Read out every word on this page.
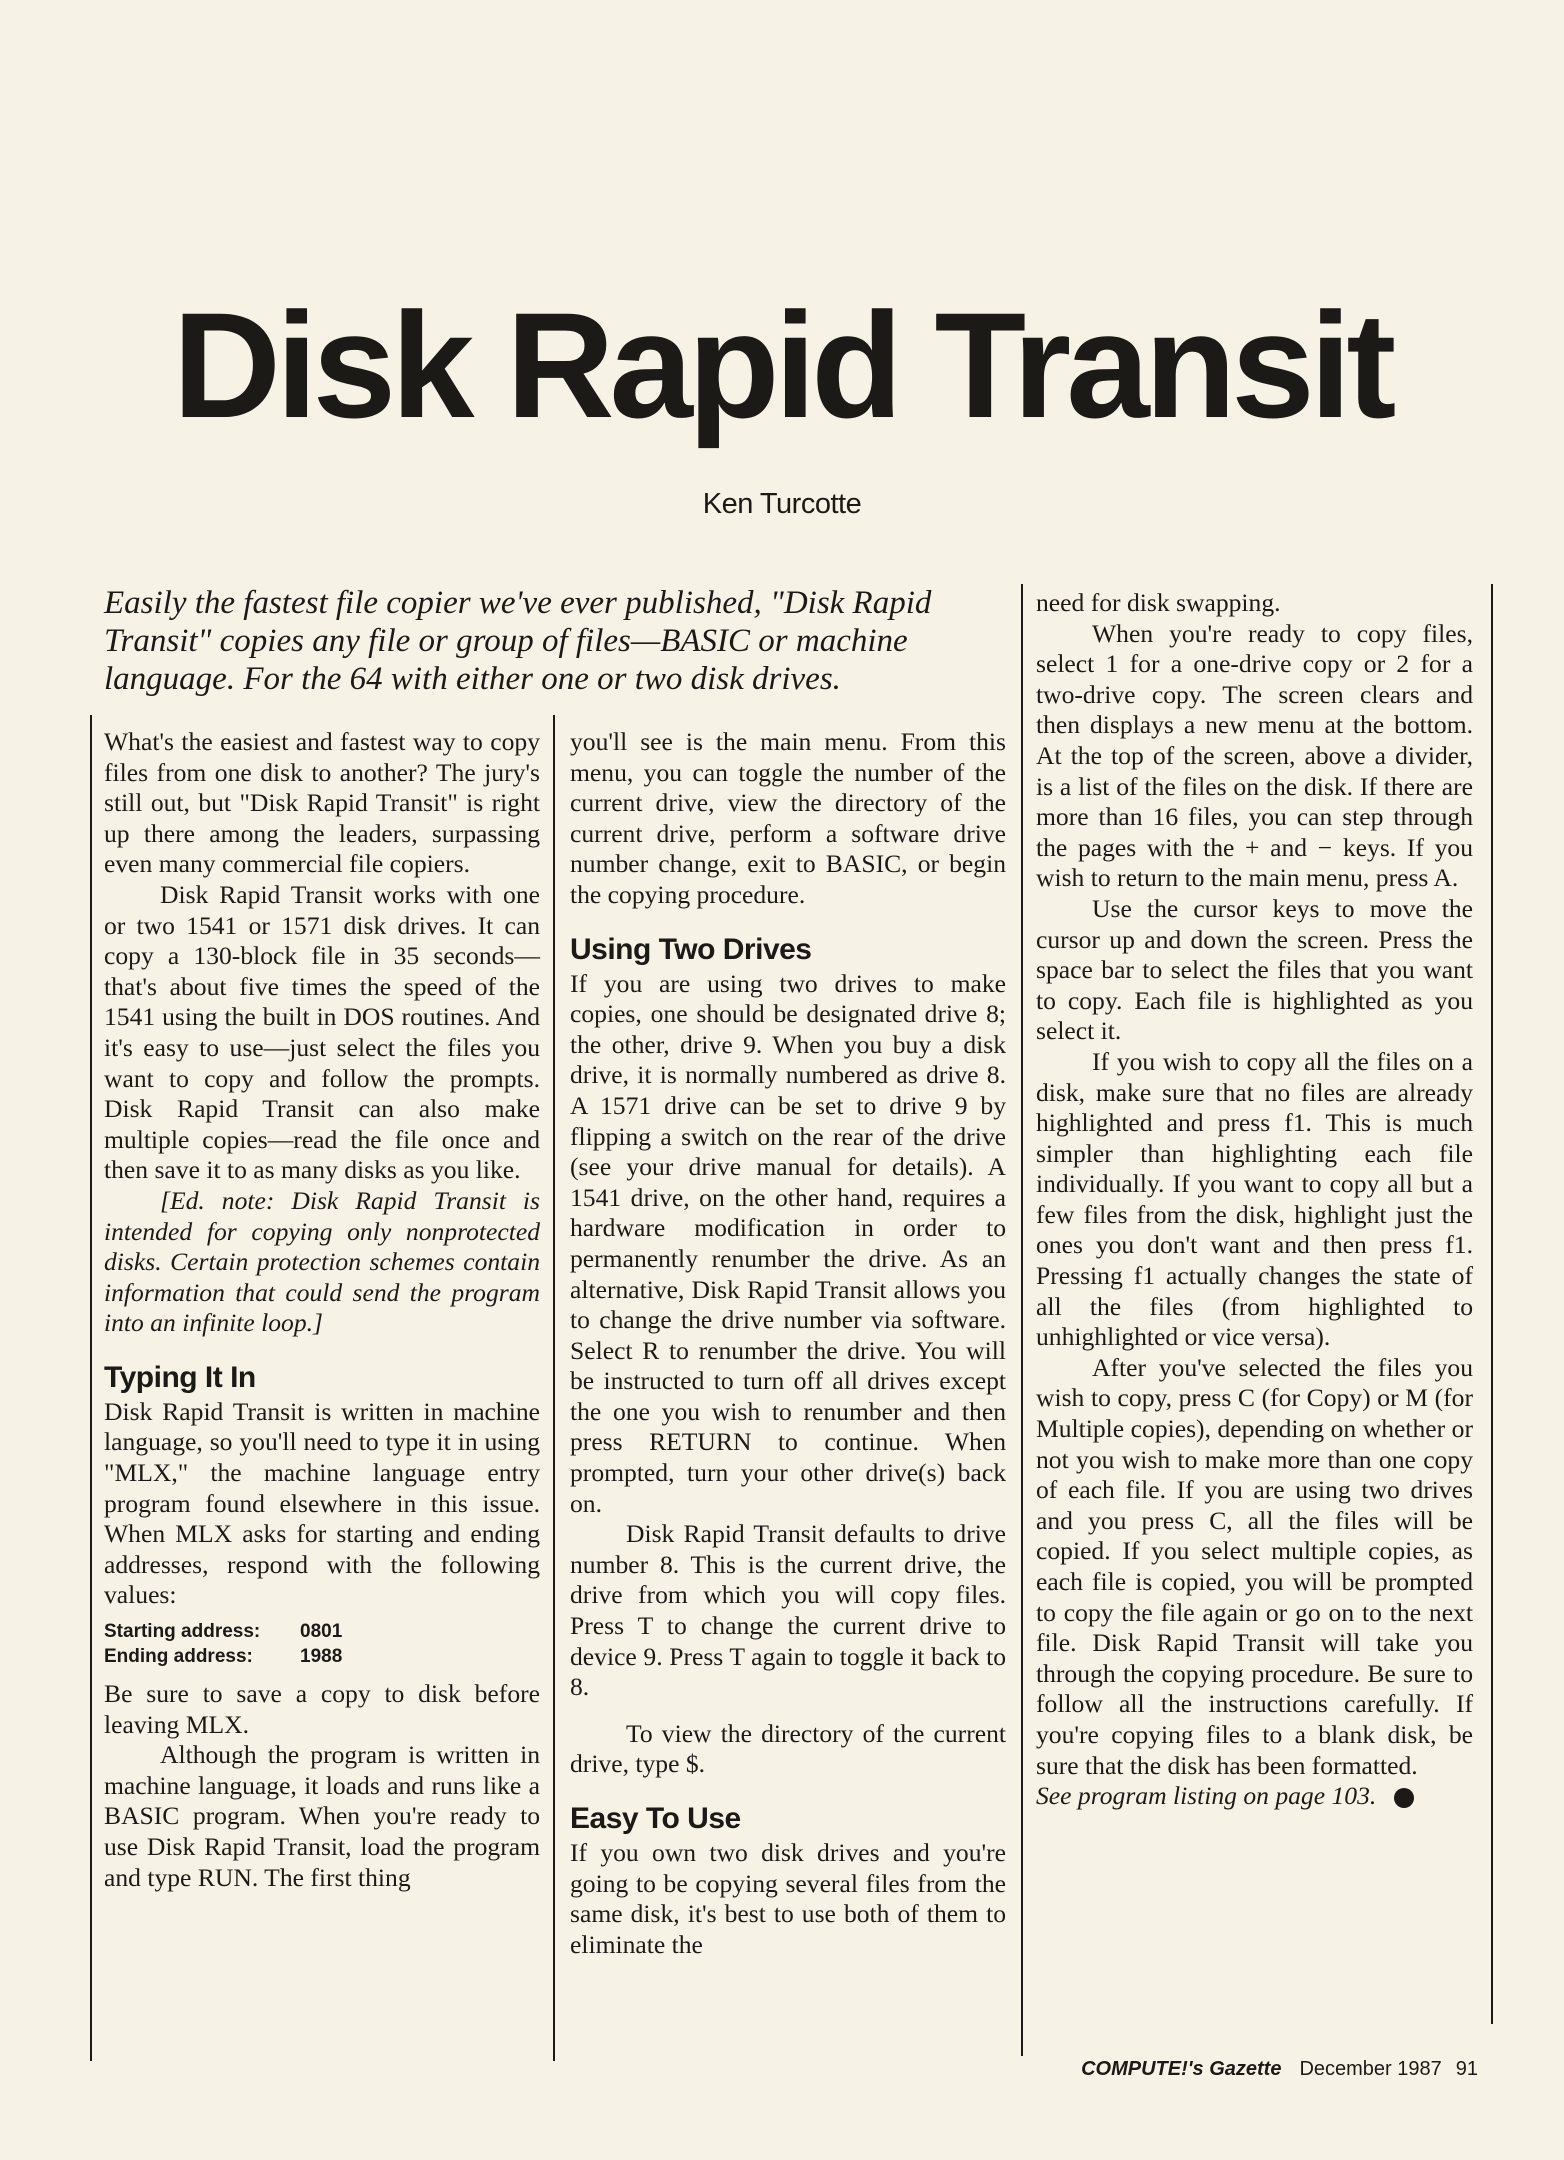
Disk Rapid Transit
Ken Turcotte

Easily the fastest file copier we've ever published, "Disk Rapid Transit" copies any file or group of files—BASIC or machine language. For the 64 with either one or two disk drives.

What's the easiest and fastest way to copy files from one disk to another? The jury's still out, but "Disk Rapid Transit" is right up there among the leaders, surpassing even many commercial file copiers.

Disk Rapid Transit works with one or two 1541 or 1571 disk drives. It can copy a 130-block file in 35 seconds—that's about five times the speed of the 1541 using the built in DOS routines. And it's easy to use—just select the files you want to copy and follow the prompts. Disk Rapid Transit can also make multiple copies—read the file once and then save it to as many disks as you like.

[Ed. note: Disk Rapid Transit is intended for copying only nonprotected disks. Certain protection schemes contain information that could send the program into an infinite loop.]

Typing It In

Disk Rapid Transit is written in machine language, so you'll need to type it in using "MLX," the machine language entry program found elsewhere in this issue. When MLX asks for starting and ending addresses, respond with the following values:

Starting address: 0801
Ending address: 1988

Be sure to save a copy to disk before leaving MLX.

Although the program is written in machine language, it loads and runs like a BASIC program. When you're ready to use Disk Rapid Transit, load the program and type RUN. The first thing

you'll see is the main menu. From this menu, you can toggle the number of the current drive, view the directory of the current drive, perform a software drive number change, exit to BASIC, or begin the copying procedure.

Using Two Drives

If you are using two drives to make copies, one should be designated drive 8; the other, drive 9. When you buy a disk drive, it is normally numbered as drive 8. A 1571 drive can be set to drive 9 by flipping a switch on the rear of the drive (see your drive manual for details). A 1541 drive, on the other hand, requires a hardware modification in order to permanently renumber the drive. As an alternative, Disk Rapid Transit allows you to change the drive number via software. Select R to renumber the drive. You will be instructed to turn off all drives except the one you wish to renumber and then press RETURN to continue. When prompted, turn your other drive(s) back on.

Disk Rapid Transit defaults to drive number 8. This is the current drive, the drive from which you will copy files. Press T to change the current drive to device 9. Press T again to toggle it back to 8.

To view the directory of the current drive, type $.

Easy To Use

If you own two disk drives and you're going to be copying several files from the same disk, it's best to use both of them to eliminate the

need for disk swapping.

When you're ready to copy files, select 1 for a one-drive copy or 2 for a two-drive copy. The screen clears and then displays a new menu at the bottom. At the top of the screen, above a divider, is a list of the files on the disk. If there are more than 16 files, you can step through the pages with the + and − keys. If you wish to return to the main menu, press A.

Use the cursor keys to move the cursor up and down the screen. Press the space bar to select the files that you want to copy. Each file is highlighted as you select it.

If you wish to copy all the files on a disk, make sure that no files are already highlighted and press f1. This is much simpler than highlighting each file individually. If you want to copy all but a few files from the disk, highlight just the ones you don't want and then press f1. Pressing f1 actually changes the state of all the files (from highlighted to unhighlighted or vice versa).

After you've selected the files you wish to copy, press C (for Copy) or M (for Multiple copies), depending on whether or not you wish to make more than one copy of each file. If you are using two drives and you press C, all the files will be copied. If you select multiple copies, as each file is copied, you will be prompted to copy the file again or go on to the next file. Disk Rapid Transit will take you through the copying procedure. Be sure to follow all the instructions carefully. If you're copying files to a blank disk, be sure that the disk has been formatted.

See program listing on page 103.

COMPUTE!'s Gazette December 1987 91
